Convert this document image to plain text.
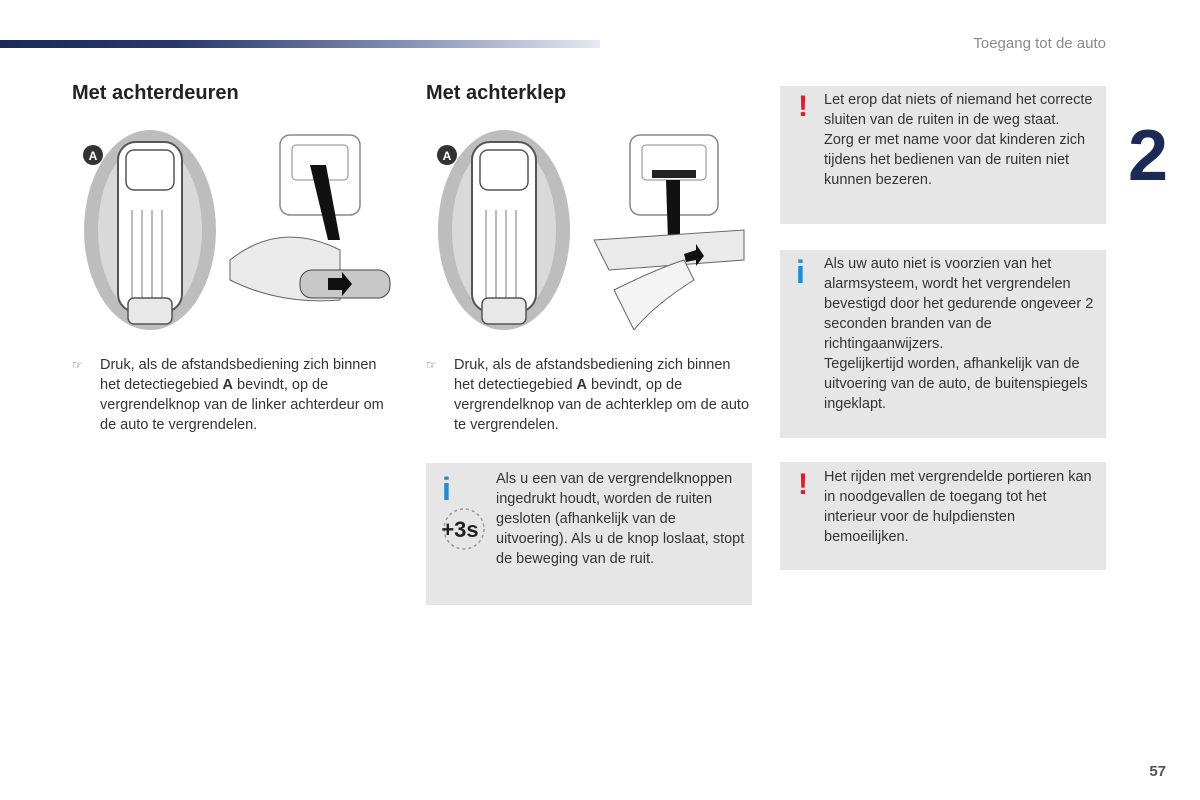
Toegang tot de auto
2
Met achterdeuren
A
☞ Druk, als de afstandsbediening zich binnen het detectiegebied A bevindt, op de vergrendelknop van de linker achterdeur om de auto te vergrendelen.
Met achterklep
A
☞ Druk, als de afstandsbediening zich binnen het detectiegebied A bevindt, op de vergrendelknop van de achterklep om de auto te vergrendelen.
i
+3s
Als u een van de vergrendelknoppen ingedrukt houdt, worden de ruiten gesloten (afhankelijk van de uitvoering). Als u de knop loslaat, stopt de beweging van de ruit.
! Let erop dat niets of niemand het correcte sluiten van de ruiten in de weg staat.

Zorg er met name voor dat kinderen zich tijdens het bedienen van de ruiten niet kunnen bezeren.

i Als uw auto niet is voorzien van het alarmsysteem, wordt het vergrendelen bevestigd door het gedurende ongeveer 2 seconden branden van de richtingaanwijzers.

Tegelijkertijd worden, afhankelijk van de uitvoering van de auto, de buitenspiegels ingeklapt.

! Het rijden met vergrendelde portieren kan in noodgevallen de toegang tot het interieur voor de hulpdiensten bemoeilijken.

57
